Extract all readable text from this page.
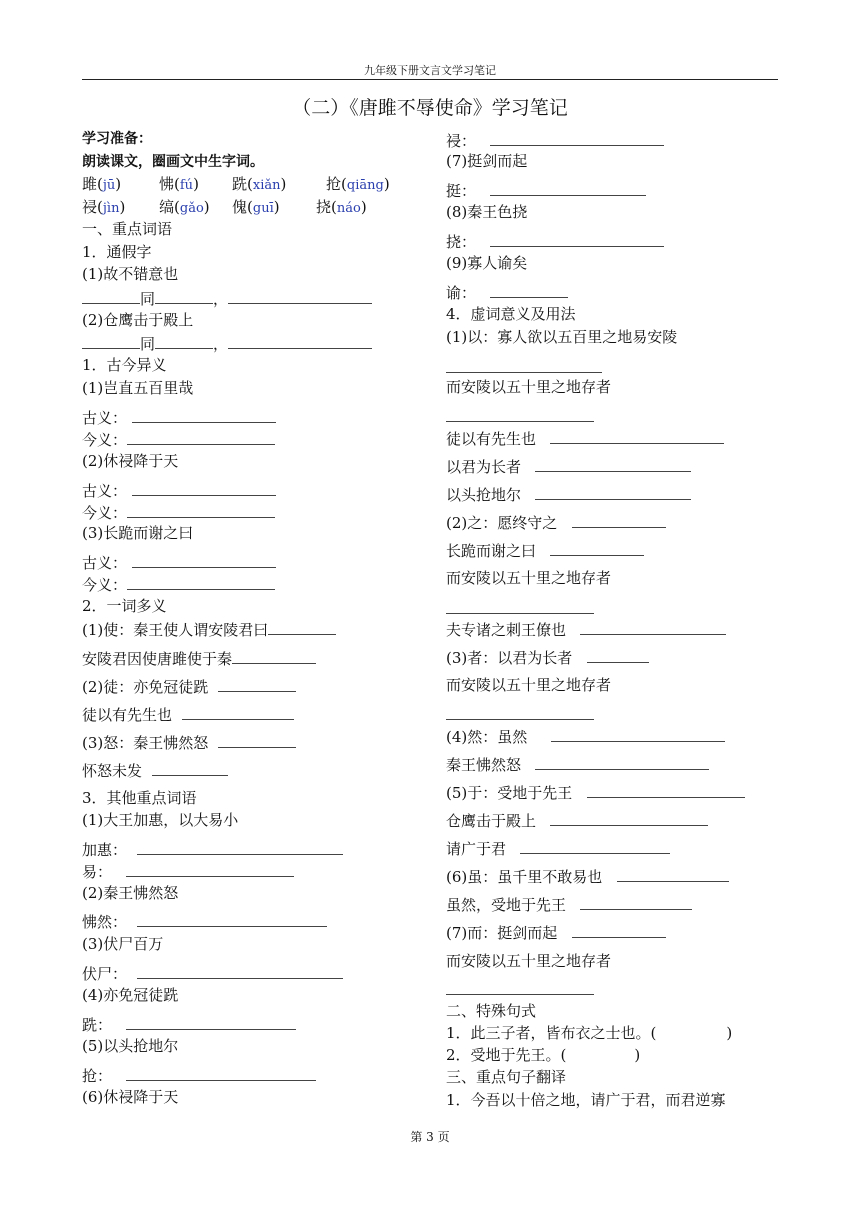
九年级下册文言文学习笔记
（二）《唐雎不辱使命》学习笔记
学习准备：
朗读课文，圈画文中生字词。
雎(jū)	怫(fú) 跣(xiǎn)	抢(qiāng)
祲(jìn) 缟(gǎo) 傀(guī) 挠(náo)
一、重点词语
1．通假字
(1)故不错意也
同	，
(2)仓鹰击于殿上
同	，
1．古今异义
(1)岂直五百里哉
古义：
今义：
(2)休祲降于天
古义：
今义：
(3)长跪而谢之曰
古义：
今义：
2．一词多义
(1)使：秦王使人谓安陵君曰
安陵君因使唐雎使于秦
(2)徒：亦免冠徒跣
徒以有先生也
(3)怒：秦王怫然怒
怀怒未发
3．其他重点词语
(1)大王加惠，以大易小
加惠：
易：
(2)秦王怫然怒
怫然：
(3)伏尸百万
伏尸：
(4)亦免冠徒跣
跣：
(5)以头抢地尔
抢：
(6)休祲降于天
祲：
(7)挺剑而起
挺：
(8)秦王色挠
挠：
(9)寡人谕矣
谕：
4．虚词意义及用法
(1)以：寡人欲以五百里之地易安陵
而安陵以五十里之地存者
徒以有先生也
以君为长者
以头抢地尔
(2)之：愿终守之
长跪而谢之曰
而安陵以五十里之地存者
夫专诸之刺王僚也
(3)者：以君为长者
而安陵以五十里之地存者
(4)然：虽然
秦王怫然怒
(5)于：受地于先王
仓鹰击于殿上
请广于君
(6)虽：虽千里不敢易也
虽然，受地于先王
(7)而：挺剑而起
而安陵以五十里之地存者
二、特殊句式
1．此三子者，皆布衣之士也。(	)
2．受地于先王。(	)
三、重点句子翻译
1．今吾以十倍之地，请广于君，而君逆寡
第 3 页
